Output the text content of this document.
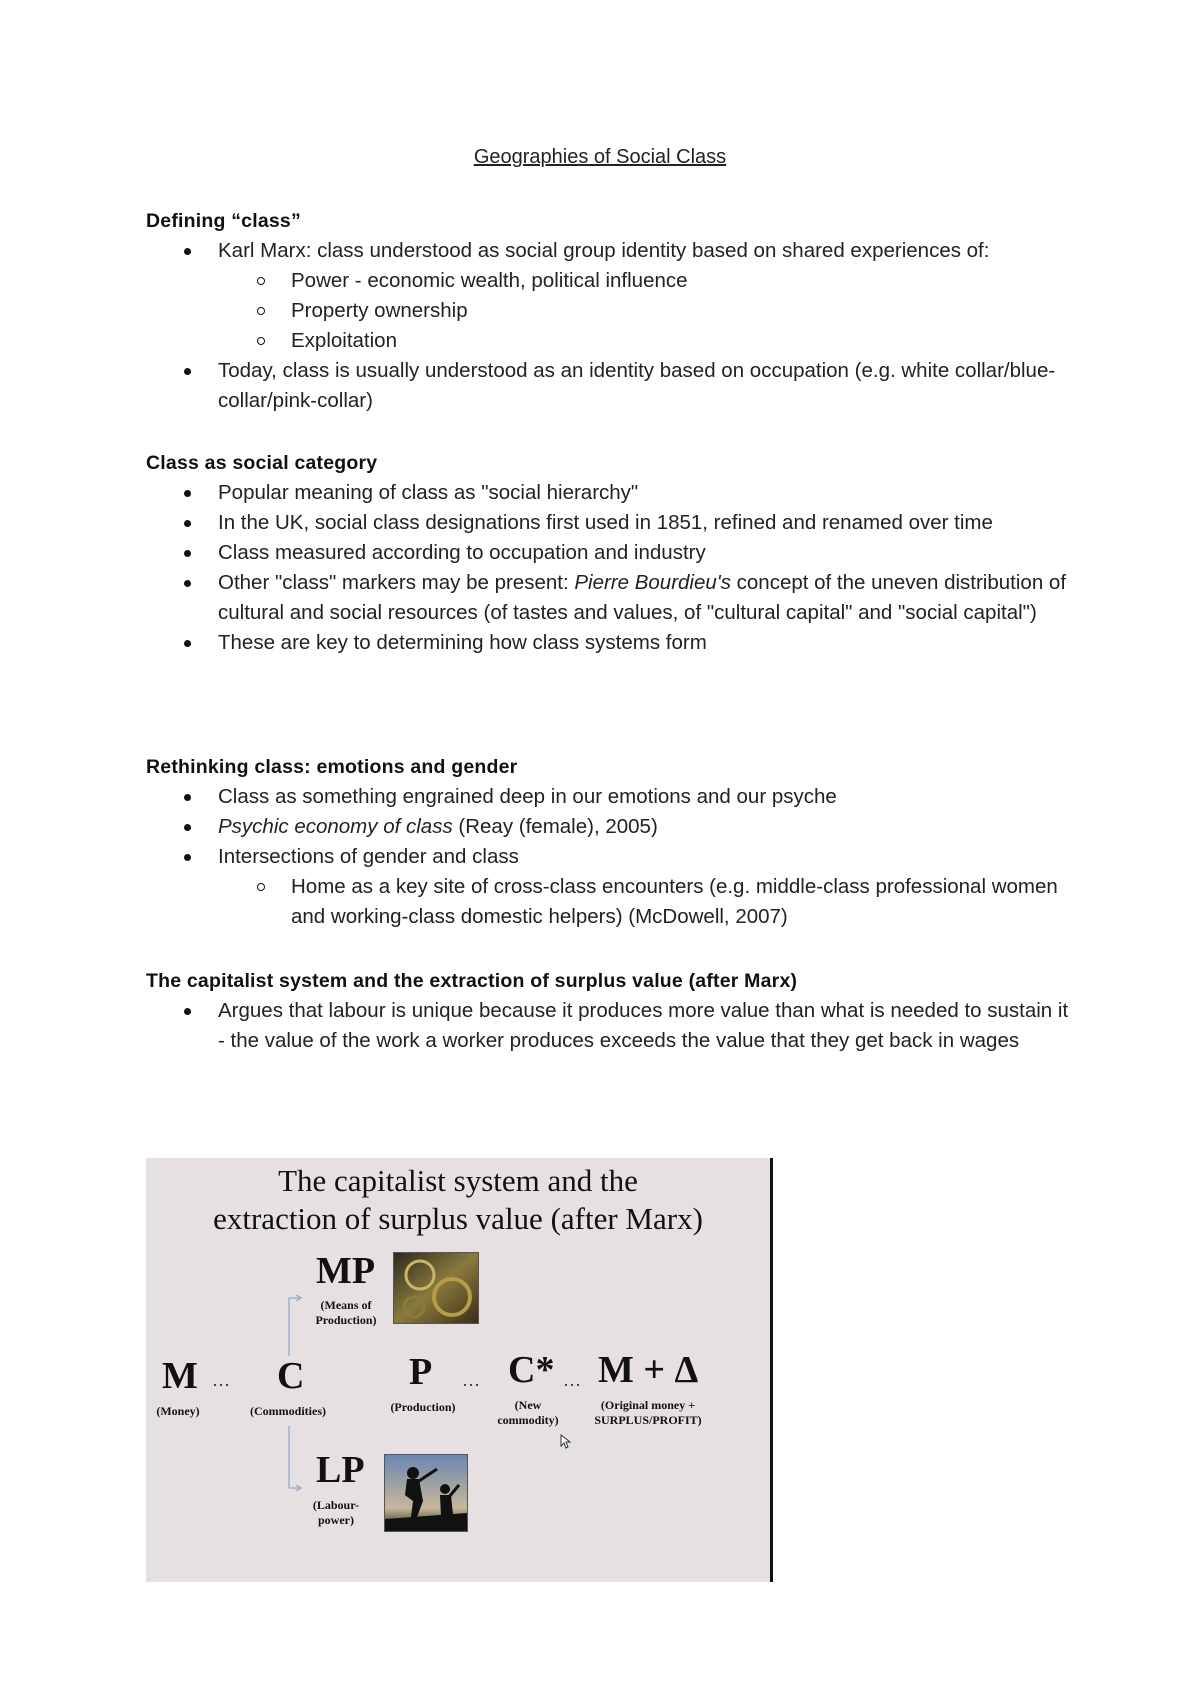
Geographies of Social Class
Defining “class”
Karl Marx: class understood as social group identity based on shared experiences of:
Power - economic wealth, political influence
Property ownership
Exploitation
Today, class is usually understood as an identity based on occupation (e.g. white collar/blue-collar/pink-collar)
Class as social category
Popular meaning of class as "social hierarchy"
In the UK, social class designations first used in 1851, refined and renamed over time
Class measured according to occupation and industry
Other "class" markers may be present: Pierre Bourdieu's concept of the uneven distribution of cultural and social resources (of tastes and values, of "cultural capital" and "social capital")
These are key to determining how class systems form
Rethinking class: emotions and gender
Class as something engrained deep in our emotions and our psyche
Psychic economy of class (Reay (female), 2005)
Intersections of gender and class
Home as a key site of cross-class encounters (e.g. middle-class professional women and working-class domestic helpers) (McDowell, 2007)
The capitalist system and the extraction of surplus value (after Marx)
Argues that labour is unique because it produces more value than what is needed to sustain it - the value of the work a worker produces exceeds the value that they get back in wages
The capitalist system and the
extraction of surplus value (after Marx)
MP
(Means of
Production)
M
(Money)
… C
(Commodities)
P
(Production)
… C*
(New
commodity)
… M + Δ
(Original money +
SURPLUS/PROFIT)
LP
(Labour-
power)
